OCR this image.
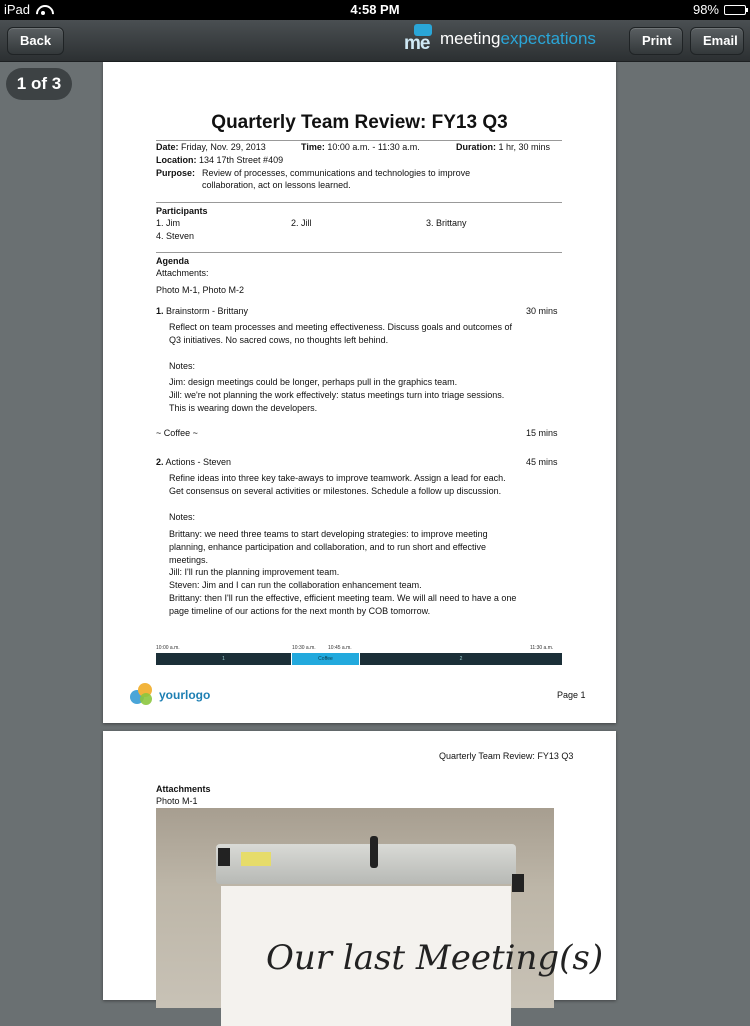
iPad	4:58 PM	98%
Back	me meetingexpectations	Print	Email
Quarterly Team Review: FY13 Q3
Date: Friday, Nov. 29, 2013	Time: 10:00 a.m. - 11:30 a.m.	Duration: 1 hr, 30 mins
Location: 134 17th Street #409
Purpose: Review of processes, communications and technologies to improve
collaboration, act on lessons learned.
Participants
1. Jim	2. Jill	3. Brittany
4. Steven
Agenda
Attachments:
Photo M-1, Photo M-2
1. Brainstorm - Brittany	30 mins
Reflect on team processes and meeting effectiveness. Discuss goals and outcomes of
Q3 initiatives. No sacred cows, no thoughts left behind.
Notes:
Jim: design meetings could be longer, perhaps pull in the graphics team.
Jill: we're not planning the work effectively: status meetings turn into triage sessions.
This is wearing down the developers.
~ Coffee ~	15 mins
2. Actions - Steven	45 mins
Refine ideas into three key take-aways to improve teamwork. Assign a lead for each.
Get consensus on several activities or milestones. Schedule a follow up discussion.
Notes:
Brittany: we need three teams to start developing strategies: to improve meeting
planning, enhance participation and collaboration, and to run short and effective
meetings.
Jill: I'll run the planning improvement team.
Steven: Jim and I can run the collaboration enhancement team.
Brittany: then I'll run the effective, efficient meeting team. We will all need to have a one
page timeline of our actions for the next month by COB tomorrow.
10:00 a.m.	10:30 a.m. 10:45 a.m.	11:30 a.m.
1	Coffee	2
yourlogo	Page 1
Quarterly Team Review: FY13 Q3
Attachments
Photo M-1
Our last Meeting(s)
1 of 3
